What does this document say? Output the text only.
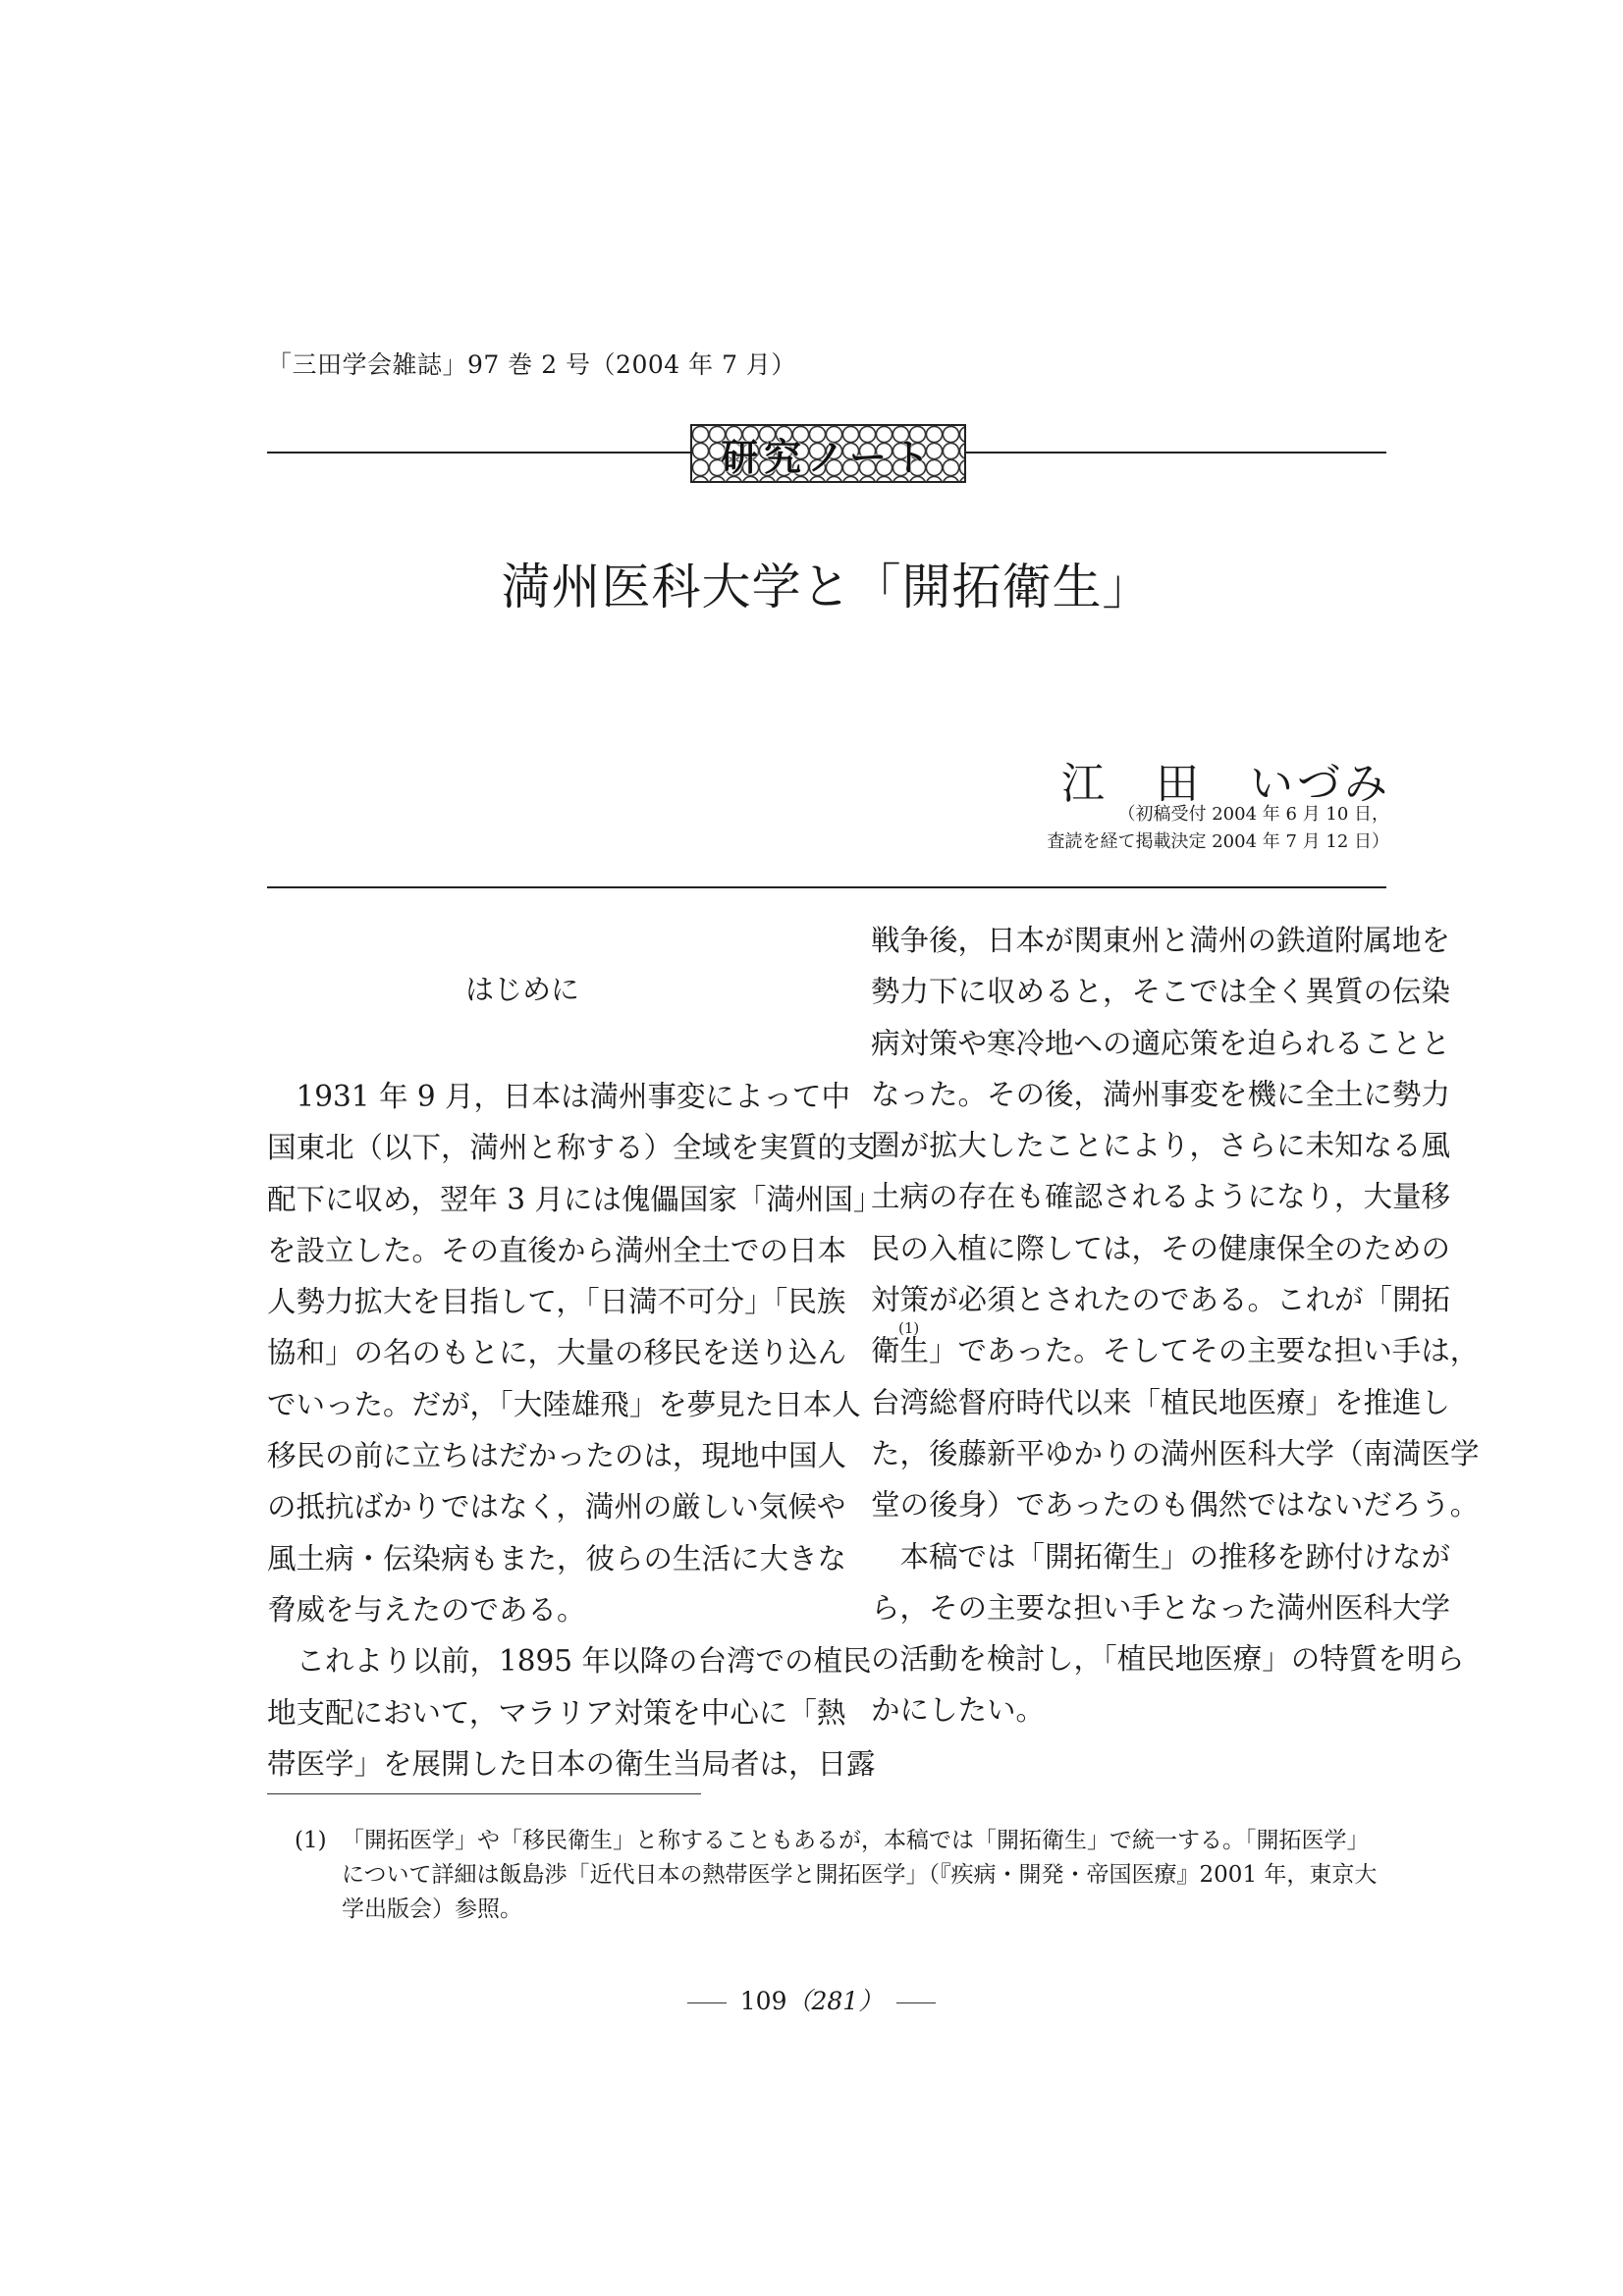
「三田学会雑誌」97 巻 2 号（2004 年 7 月）
研究ノート
満州医科大学と「開拓衛生」
江　田　いづみ
（初稿受付 2004 年 6 月 10 日，
査読を経て掲載決定 2004 年 7 月 12 日）
はじめに
　1931 年 9 月，日本は満州事変によって中
国東北（以下，満州と称する）全域を実質的支
配下に収め，翌年 3 月には傀儡国家「満州国」
を設立した。その直後から満州全土での日本
人勢力拡大を目指して，「日満不可分」「民族
協和」の名のもとに，大量の移民を送り込ん
でいった。だが，「大陸雄飛」を夢見た日本人
移民の前に立ちはだかったのは，現地中国人
の抵抗ばかりではなく，満州の厳しい気候や
風土病・伝染病もまた，彼らの生活に大きな
脅威を与えたのである。
　これより以前，1895 年以降の台湾での植民
地支配において，マラリア対策を中心に「熱
帯医学」を展開した日本の衛生当局者は，日露
戦争後，日本が関東州と満州の鉄道附属地を
勢力下に収めると，そこでは全く異質の伝染
病対策や寒冷地への適応策を迫られることと
なった。その後，満州事変を機に全土に勢力
圏が拡大したことにより，さらに未知なる風
土病の存在も確認されるようになり，大量移
民の入植に際しては，その健康保全のための
対策が必須とされたのである。これが「開拓
(1)
衛生」であった。そしてその主要な担い手は，
台湾総督府時代以来「植民地医療」を推進し
た，後藤新平ゆかりの満州医科大学（南満医学
堂の後身）であったのも偶然ではないだろう。
　本稿では「開拓衛生」の推移を跡付けなが
ら，その主要な担い手となった満州医科大学
の活動を検討し，「植民地医療」の特質を明ら
かにしたい。
(1) 「開拓医学」や「移民衛生」と称することもあるが，本稿では「開拓衛生」で統一する。「開拓医学」
について詳細は飯島渉「近代日本の熱帯医学と開拓医学」（『疾病・開発・帝国医療』2001 年，東京大
学出版会）参照。
109（281）
